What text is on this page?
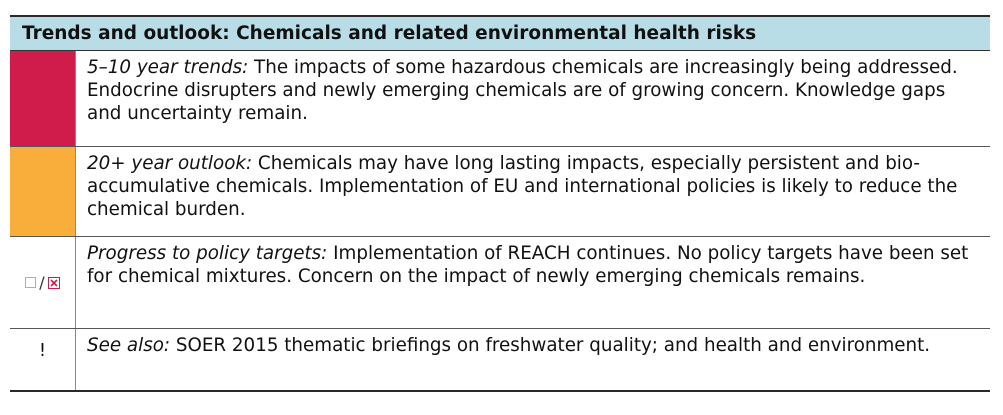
Trends and outlook: Chemicals and related environmental health risks
5–10 year trends: The impacts of some hazardous chemicals are increasingly being addressed. Endocrine disrupters and newly emerging chemicals are of growing concern. Knowledge gaps and uncertainty remain.
20+ year outlook: Chemicals may have long lasting impacts, especially persistent and bio-accumulative chemicals. Implementation of EU and international policies is likely to reduce the chemical burden.
/
Progress to policy targets: Implementation of REACH continues. No policy targets have been set for chemical mixtures. Concern on the impact of newly emerging chemicals remains.
!	See also: SOER 2015 thematic briefings on freshwater quality; and health and environment.
